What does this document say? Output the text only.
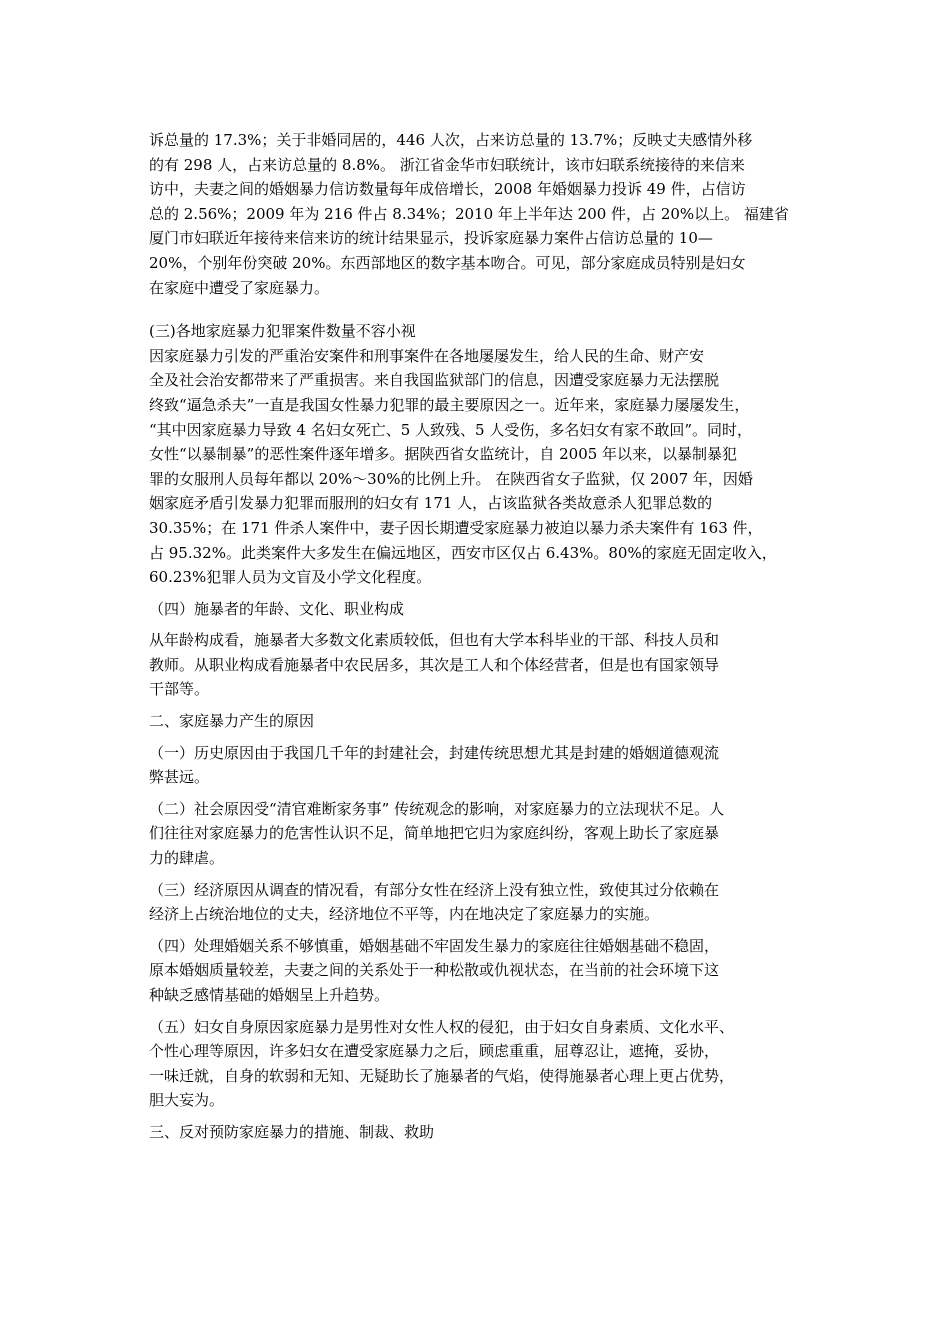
诉总量的 17.3%；关于非婚同居的，446 人次，占来访总量的 13.7%；反映丈夫感情外移
的有 298 人，占来访总量的 8.8%。 浙江省金华市妇联统计，该市妇联系统接待的来信来
访中，夫妻之间的婚姻暴力信访数量每年成倍增长，2008 年婚姻暴力投诉 49 件，占信访
总的 2.56%；2009 年为 216 件占 8.34%；2010 年上半年达 200 件，占 20%以上。 福建省
厦门市妇联近年接待来信来访的统计结果显示，投诉家庭暴力案件占信访总量的 10—
20%，个别年份突破 20%。东西部地区的数字基本吻合。可见，部分家庭成员特别是妇女
在家庭中遭受了家庭暴力。
(三)各地家庭暴力犯罪案件数量不容小视
因家庭暴力引发的严重治安案件和刑事案件在各地屡屡发生，给人民的生命、财产安
全及社会治安都带来了严重损害。来自我国监狱部门的信息，因遭受家庭暴力无法摆脱
终致“逼急杀夫”一直是我国女性暴力犯罪的最主要原因之一。近年来，家庭暴力屡屡发生，
“其中因家庭暴力导致 4 名妇女死亡、5 人致残、5 人受伤，多名妇女有家不敢回”。同时，
女性“以暴制暴”的恶性案件逐年增多。据陕西省女监统计，自 2005 年以来，以暴制暴犯
罪的女服刑人员每年都以 20%～30%的比例上升。 在陕西省女子监狱，仅 2007 年，因婚
姻家庭矛盾引发暴力犯罪而服刑的妇女有 171 人，占该监狱各类故意杀人犯罪总数的
30.35%；在 171 件杀人案件中，妻子因长期遭受家庭暴力被迫以暴力杀夫案件有 163 件，
占 95.32%。此类案件大多发生在偏远地区，西安市区仅占 6.43%。80%的家庭无固定收入，
60.23%犯罪人员为文盲及小学文化程度。
（四）施暴者的年龄、文化、职业构成
从年龄构成看，施暴者大多数文化素质较低，但也有大学本科毕业的干部、科技人员和
教师。从职业构成看施暴者中农民居多，其次是工人和个体经营者，但是也有国家领导
干部等。
二、家庭暴力产生的原因
（一）历史原因由于我国几千年的封建社会，封建传统思想尤其是封建的婚姻道德观流
弊甚远。
（二）社会原因受“清官难断家务事” 传统观念的影响，对家庭暴力的立法现状不足。人
们往往对家庭暴力的危害性认识不足，简单地把它归为家庭纠纷，客观上助长了家庭暴
力的肆虐。
（三）经济原因从调查的情况看，有部分女性在经济上没有独立性，致使其过分依赖在
经济上占统治地位的丈夫，经济地位不平等，内在地决定了家庭暴力的实施。
（四）处理婚姻关系不够慎重，婚姻基础不牢固发生暴力的家庭往往婚姻基础不稳固，
原本婚姻质量较差，夫妻之间的关系处于一种松散或仇视状态，在当前的社会环境下这
种缺乏感情基础的婚姻呈上升趋势。
（五）妇女自身原因家庭暴力是男性对女性人权的侵犯，由于妇女自身素质、文化水平、
个性心理等原因，许多妇女在遭受家庭暴力之后，顾虑重重，屈尊忍让，遮掩，妥协，
一味迁就，自身的软弱和无知、无疑助长了施暴者的气焰，使得施暴者心理上更占优势，
胆大妄为。
三、反对预防家庭暴力的措施、制裁、救助
